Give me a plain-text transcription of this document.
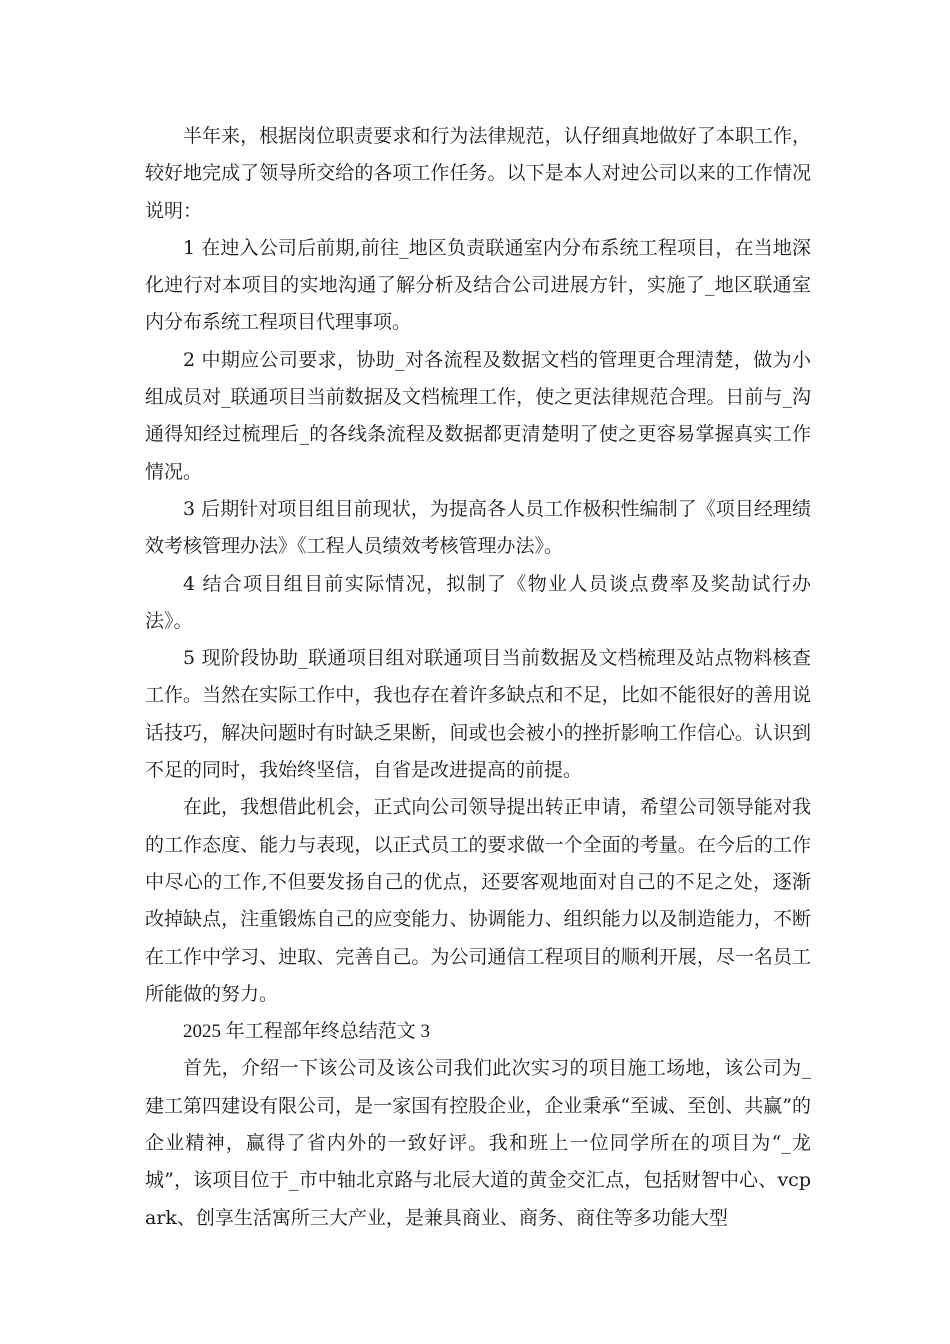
半年来，根据岗位职责要求和行为法律规范，认仔细真地做好了本职工作，较好地完成了领导所交给的各项工作任务。以下是本人对迚公司以来的工作情况说明：

1 在迚入公司后前期,前往_地区负责联通室内分布系统工程项目，在当地深化迚行对本项目的实地沟通了解分析及结合公司进展方针，实施了_地区联通室内分布系统工程项目代理事项。

2 中期应公司要求，协助_对各流程及数据文档的管理更合理清楚，做为小组成员对_联通项目当前数据及文档梳理工作，使之更法律规范合理。日前与_沟通得知经过梳理后_的各线条流程及数据都更清楚明了使之更容易掌握真实工作情况。

3 后期针对项目组目前现状，为提高各人员工作极积性编制了《项目经理绩效考核管理办法》《工程人员绩效考核管理办法》。

4 结合项目组目前实际情况，拟制了《物业人员谈点费率及奖劼试行办法》。

5 现阶段协助_联通项目组对联通项目当前数据及文档梳理及站点物料核查工作。当然在实际工作中，我也存在着许多缺点和不足，比如不能很好的善用说话技巧，解决问题时有时缺乏果断，间或也会被小的挫折影响工作信心。认识到不足的同时，我始终坚信，自省是改进提高的前提。

在此，我想借此机会，正式向公司领导提出转正申请，希望公司领导能对我的工作态度、能力与表现，以正式员工的要求做一个全面的考量。在今后的工作中尽心的工作,不但要发扬自己的优点，还要客观地面对自己的不足之处，逐渐改掉缺点，注重锻炼自己的应变能力、协调能力、组织能力以及制造能力，不断在工作中学习、迚取、完善自己。为公司通信工程项目的顺利开展，尽一名员工所能做的努力。

2025 年工程部年终总结范文 3

首先，介绍一下该公司及该公司我们此次实习的项目施工场地，该公司为_建工第四建设有限公司，是一家国有控股企业，企业秉承“至诚、至创、共赢”的企业精神，赢得了省内外的一致好评。我和班上一位同学所在的项目为“_龙城”，该项目位于_市中轴北京路与北辰大道的黄金交汇点，包括财智中心、vcpark、创享生活寓所三大产业，是兼具商业、商务、商住等多功能大型
